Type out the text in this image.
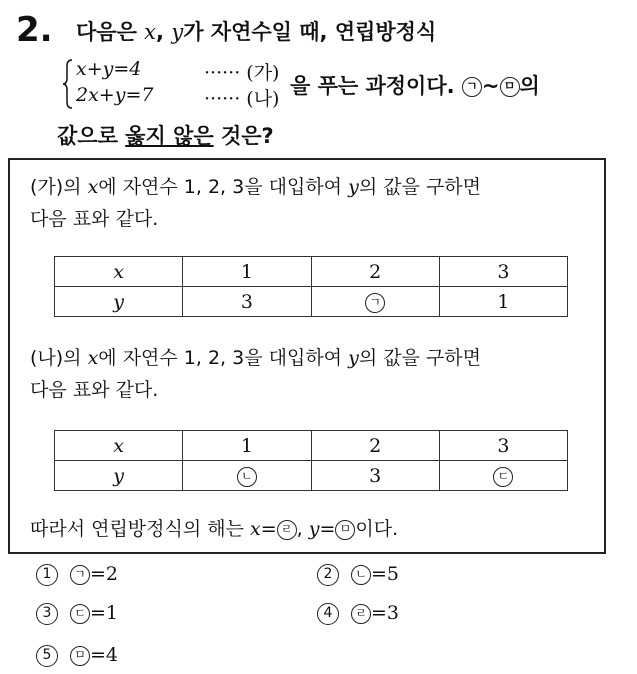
2. 다음은 x, y가 자연수일 때, 연립방정식
x+y=4	······ (가)
2x+y=7	······ (나)
을 푸는 과정이다. ㄱ ~ ㅁ 의
값으로 옳지 않은 것은?
(가)의 x에 자연수 1, 2, 3을 대입하여 y의 값을 구하면
다음 표와 같다.
x	1	2	3
y	3	ㄱ	1
(나)의 x에 자연수 1, 2, 3을 대입하여 y의 값을 구하면
다음 표와 같다.
x	1	2	3
y	ㄴ	3	ㄷ
따라서 연립방정식의 해는 x= ㄹ , y= ㅁ 이다.
1 ㄱ =2	2 ㄴ =5
3 ㄷ =1	4 ㄹ =3
5 ㅁ =4
